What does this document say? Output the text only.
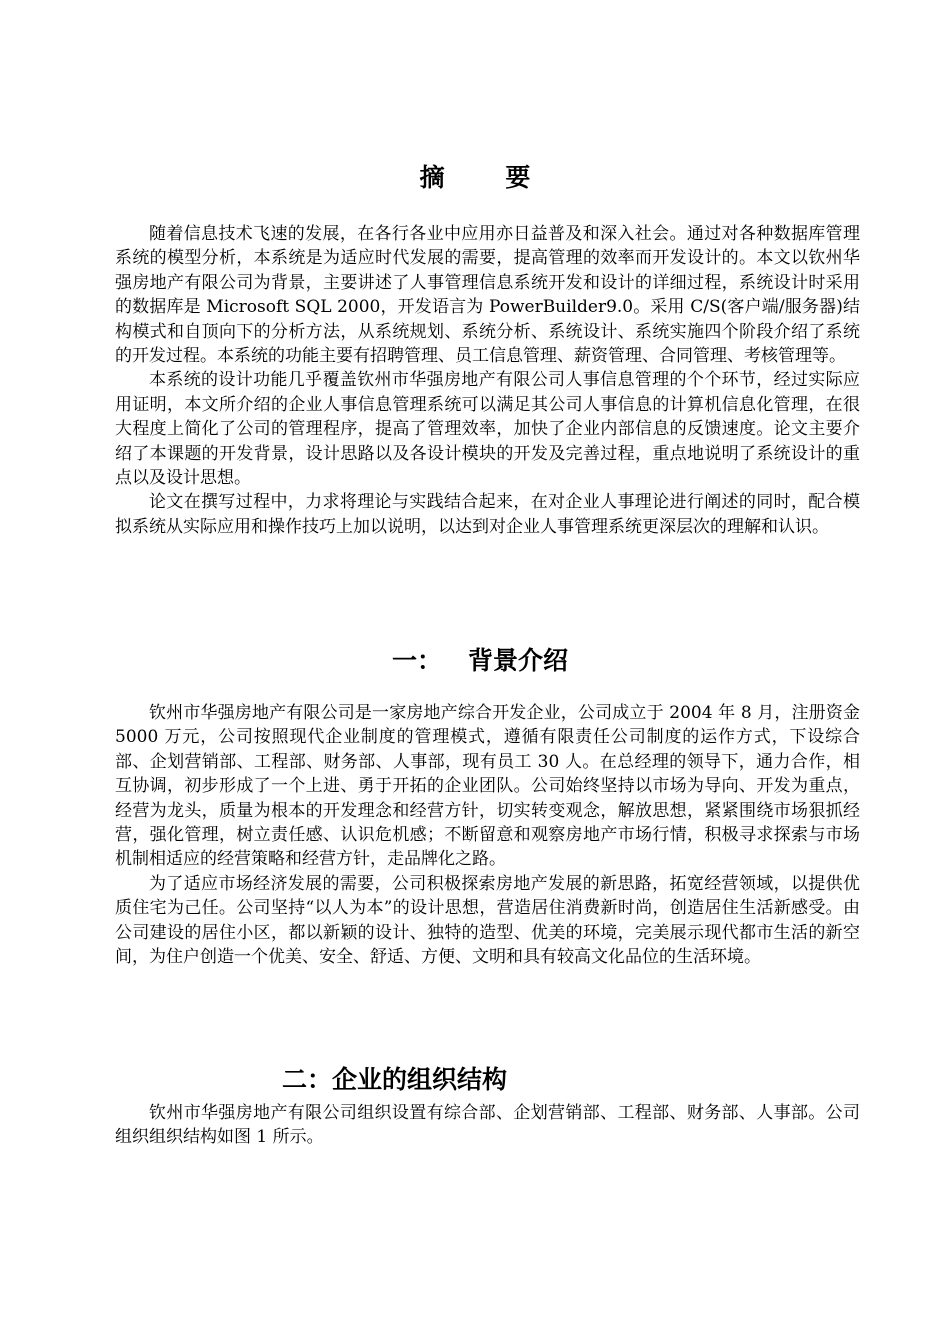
摘 要

随着信息技术飞速的发展，在各行各业中应用亦日益普及和深入社会。通过对各种数据库管理系统的模型分析，本系统是为适应时代发展的需要，提高管理的效率而开发设计的。本文以钦州华强房地产有限公司为背景，主要讲述了人事管理信息系统开发和设计的详细过程，系统设计时采用的数据库是 Microsoft SQL 2000，开发语言为 PowerBuilder9.0。采用 C/S(客户端/服务器)结构模式和自顶向下的分析方法，从系统规划、系统分析、系统设计、系统实施四个阶段介绍了系统的开发过程。本系统的功能主要有招聘管理、员工信息管理、薪资管理、合同管理、考核管理等。

本系统的设计功能几乎覆盖钦州市华强房地产有限公司人事信息管理的个个环节，经过实际应用证明，本文所介绍的企业人事信息管理系统可以满足其公司人事信息的计算机信息化管理，在很大程度上简化了公司的管理程序，提高了管理效率，加快了企业内部信息的反馈速度。论文主要介绍了本课题的开发背景，设计思路以及各设计模块的开发及完善过程，重点地说明了系统设计的重点以及设计思想。

论文在撰写过程中，力求将理论与实践结合起来，在对企业人事理论进行阐述的同时，配合模拟系统从实际应用和操作技巧上加以说明，以达到对企业人事管理系统更深层次的理解和认识。

一： 背景介绍

钦州市华强房地产有限公司是一家房地产综合开发企业，公司成立于 2004 年 8 月，注册资金 5000 万元，公司按照现代企业制度的管理模式，遵循有限责任公司制度的运作方式，下设综合部、企划营销部、工程部、财务部、人事部，现有员工 30 人。在总经理的领导下，通力合作，相互协调，初步形成了一个上进、勇于开拓的企业团队。公司始终坚持以市场为导向、开发为重点，经营为龙头，质量为根本的开发理念和经营方针，切实转变观念，解放思想，紧紧围绕市场狠抓经营，强化管理，树立责任感、认识危机感；不断留意和观察房地产市场行情，积极寻求探索与市场机制相适应的经营策略和经营方针，走品牌化之路。

为了适应市场经济发展的需要，公司积极探索房地产发展的新思路，拓宽经营领域，以提供优质住宅为己任。公司坚持“以人为本”的设计思想，营造居住消费新时尚，创造居住生活新感受。由公司建设的居住小区，都以新颖的设计、独特的造型、优美的环境，完美展示现代都市生活的新空间，为住户创造一个优美、安全、舒适、方便、文明和具有较高文化品位的生活环境。

二：企业的组织结构

钦州市华强房地产有限公司组织设置有综合部、企划营销部、工程部、财务部、人事部。公司组织组织结构如图 1 所示。
